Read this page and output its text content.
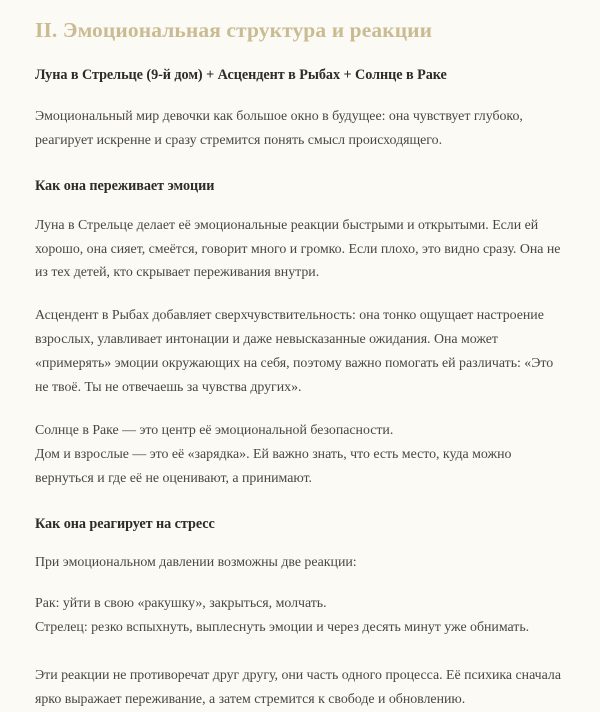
II. Эмоциональная структура и реакции

Луна в Стрельце (9-й дом) + Асцендент в Рыбах + Солнце в Раке

Эмоциональный мир девочки как большое окно в будущее: она чувствует глубоко, реагирует искренне и сразу стремится понять смысл происходящего.

Как она переживает эмоции

Луна в Стрельце делает её эмоциональные реакции быстрыми и открытыми. Если ей хорошо, она сияет, смеётся, говорит много и громко. Если плохо, это видно сразу. Она не из тех детей, кто скрывает переживания внутри.

Асцендент в Рыбах добавляет сверхчувствительность: она тонко ощущает настроение взрослых, улавливает интонации и даже невысказанные ожидания. Она может «примерять» эмоции окружающих на себя, поэтому важно помогать ей различать: «Это не твоё. Ты не отвечаешь за чувства других».

Солнце в Раке — это центр её эмоциональной безопасности.
Дом и взрослые — это её «зарядка». Ей важно знать, что есть место, куда можно вернуться и где её не оценивают, а принимают.

Как она реагирует на стресс

При эмоциональном давлении возможны две реакции:

Рак: уйти в свою «ракушку», закрыться, молчать.
Стрелец: резко вспыхнуть, выплеснуть эмоции и через десять минут уже обнимать.

Эти реакции не противоречат друг другу, они часть одного процесса. Её психика сначала ярко выражает переживание, а затем стремится к свободе и обновлению.
